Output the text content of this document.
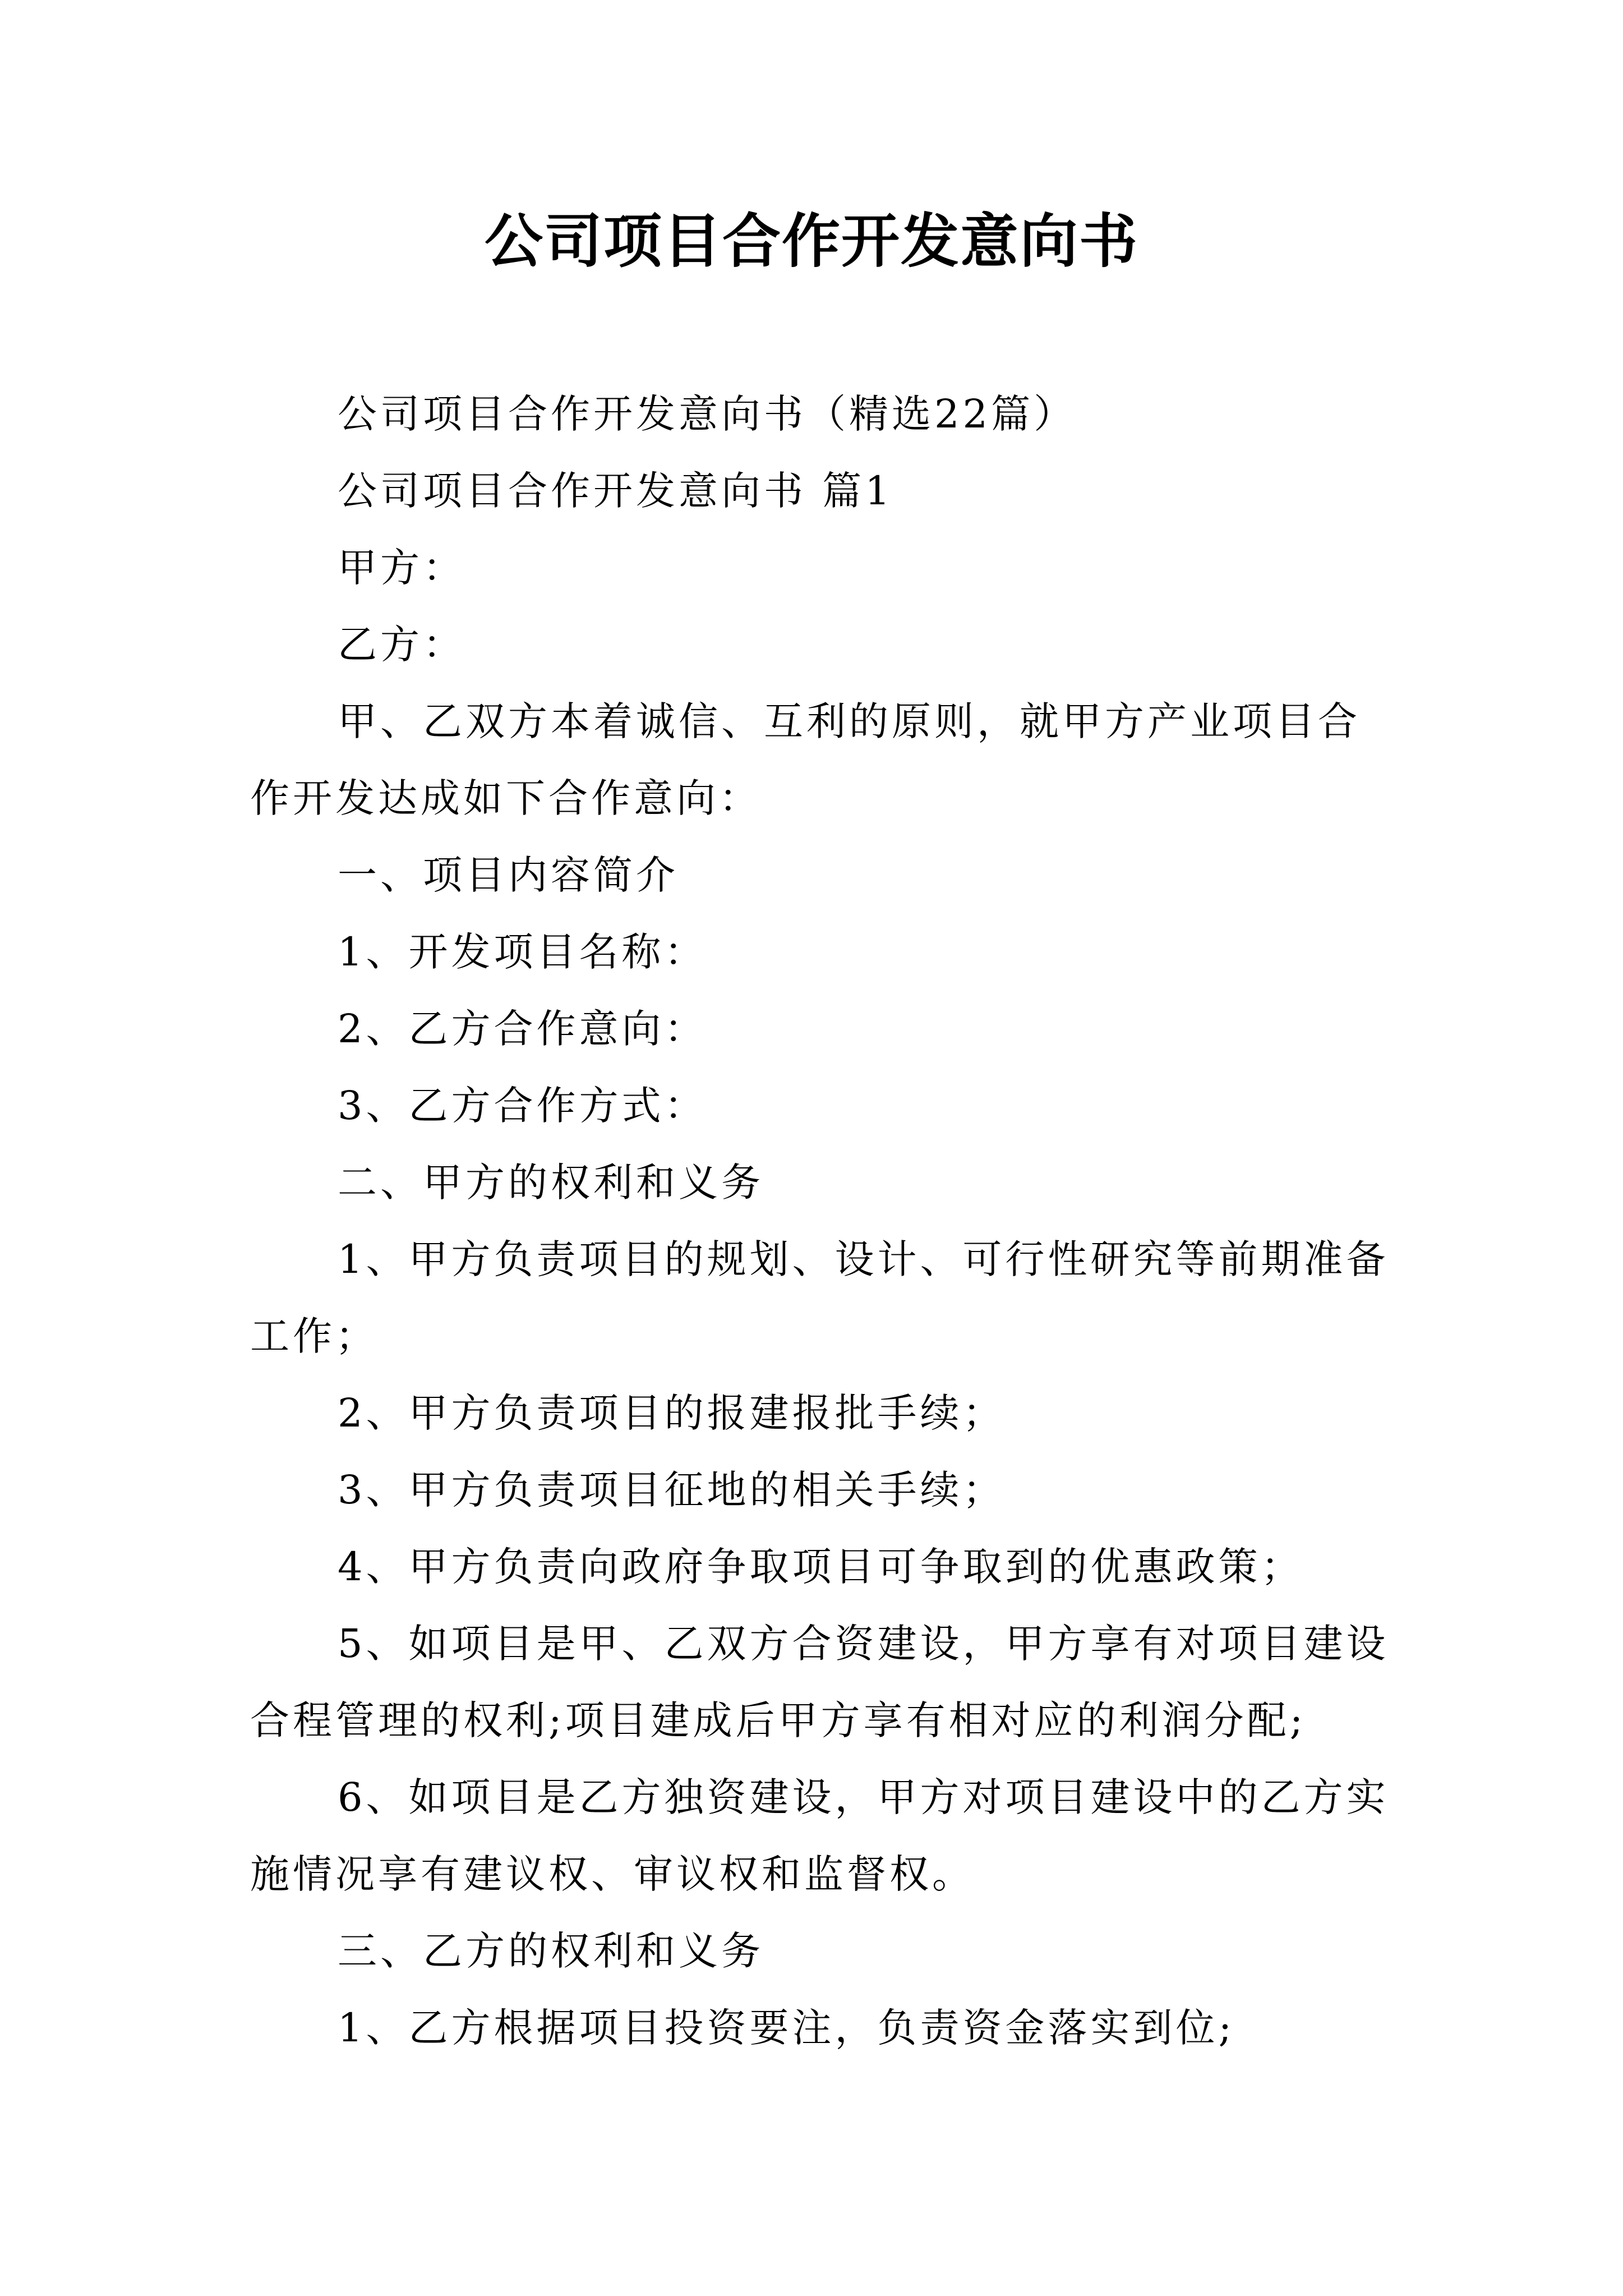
公司项目合作开发意向书

公司项目合作开发意向书（精选22篇）

公司项目合作开发意向书 篇1

甲方：

乙方：

甲、乙双方本着诚信、互利的原则，就甲方产业项目合作开发达成如下合作意向：

一、项目内容简介

1、开发项目名称：

2、乙方合作意向：

3、乙方合作方式：

二、甲方的权利和义务

1、甲方负责项目的规划、设计、可行性研究等前期准备工作；

2、甲方负责项目的报建报批手续；

3、甲方负责项目征地的相关手续；

4、甲方负责向政府争取项目可争取到的优惠政策；

5、如项目是甲、乙双方合资建设，甲方享有对项目建设合程管理的权利;项目建成后甲方享有相对应的利润分配;

6、如项目是乙方独资建设，甲方对项目建设中的乙方实施情况享有建议权、审议权和监督权。

三、乙方的权利和义务

1、乙方根据项目投资要注，负责资金落实到位;
